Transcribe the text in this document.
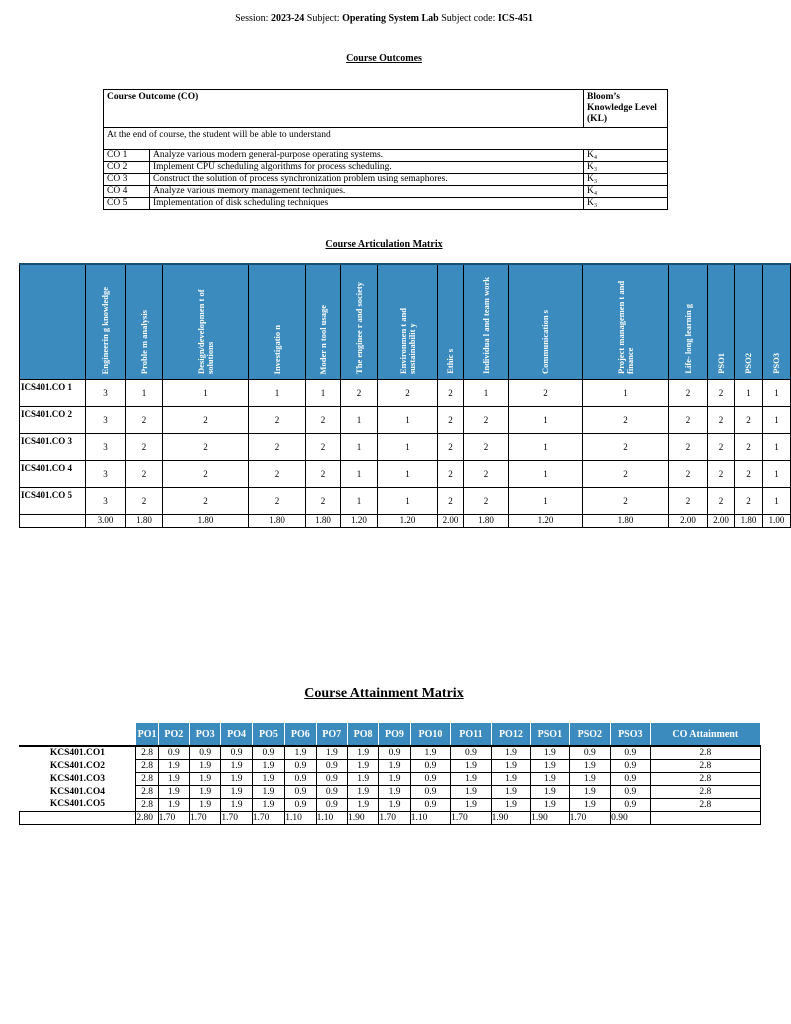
Session: 2023-24 Subject: Operating System Lab Subject code: ICS-451
Course Outcomes
Course Outcome (CO)		Bloom’s Knowledge Level (KL)
At the end of course, the student will be able to understand		
CO 1	Analyze various modern general-purpose operating systems.	K₄
CO 2	Implement CPU scheduling algorithms for process scheduling.	K₃
CO 3	Construct the solution of process synchronization problem using semaphores.	K₃
CO 4	Analyze various memory management techniques.	K₄
CO 5	Implementation of disk scheduling techniques	K₃
Course Articulation Matrix
	Engineerin g knowledge	Proble m analysis	Design/developmen t of solutions	Investigatio n	Moder n tool usage	The enginee r and society	Environmen t and sustainabilit y	Ethic s	Individua l and team work	Communication s	Project managemen t and finance	Life- long learnin g	PSO1	PSO2	PSO3
ICS401.CO 1	3	1	1	1	1	2	2	2	1	2	1	2	2	1	1
ICS401.CO 2	3	2	2	2	2	1	1	2	2	1	2	2	2	2	1
ICS401.CO 3	3	2	2	2	2	1	1	2	2	1	2	2	2	2	1
ICS401.CO 4	3	2	2	2	2	1	1	2	2	1	2	2	2	2	1
ICS401.CO 5	3	2	2	2	2	1	1	2	2	1	2	2	2	2	1
	3.00	1.80	1.80	1.80	1.80	1.20	1.20	2.00	1.80	1.20	1.80	2.00	2.00	1.80	1.00
Course Attainment Matrix
	PO1	PO2	PO3	PO4	PO5	PO6	PO7	PO8	PO9	PO10	PO11	PO12	PSO1	PSO2	PSO3	CO Attainment
KCS401.CO1	2.8	0.9	0.9	0.9	0.9	1.9	1.9	1.9	0.9	1.9	0.9	1.9	1.9	0.9	0.9	2.8
KCS401.CO2	2.8	1.9	1.9	1.9	1.9	0.9	0.9	1.9	1.9	0.9	1.9	1.9	1.9	1.9	0.9	2.8
KCS401.CO3	2.8	1.9	1.9	1.9	1.9	0.9	0.9	1.9	1.9	0.9	1.9	1.9	1.9	1.9	0.9	2.8
KCS401.CO4	2.8	1.9	1.9	1.9	1.9	0.9	0.9	1.9	1.9	0.9	1.9	1.9	1.9	1.9	0.9	2.8
KCS401.CO5	2.8	1.9	1.9	1.9	1.9	0.9	0.9	1.9	1.9	0.9	1.9	1.9	1.9	1.9	0.9	2.8
	2.80	1.70	1.70	1.70	1.70	1.10	1.10	1.90	1.70	1.10	1.70	1.90	1.90	1.70	0.90	
